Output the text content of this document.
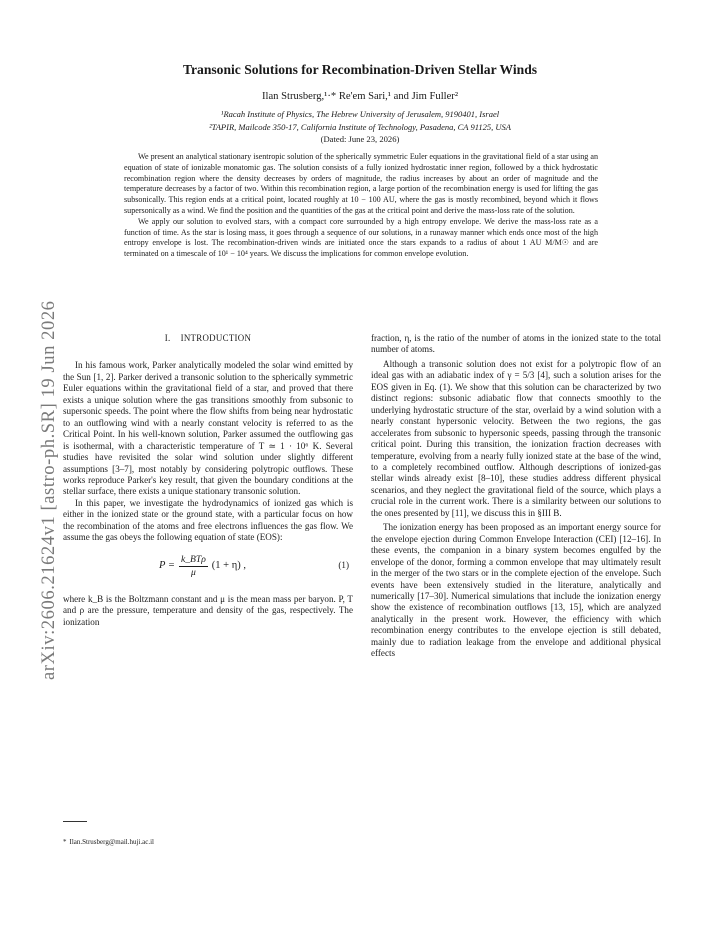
arXiv:2606.21624v1 [astro-ph.SR] 19 Jun 2026
Transonic Solutions for Recombination-Driven Stellar Winds
Ilan Strusberg,¹·* Re'em Sari,¹ and Jim Fuller²
¹Racah Institute of Physics, The Hebrew University of Jerusalem, 9190401, Israel
²TAPIR, Mailcode 350-17, California Institute of Technology, Pasadena, CA 91125, USA
(Dated: June 23, 2026)

We present an analytical stationary isentropic solution of the spherically symmetric Euler equations in the gravitational field of a star using an equation of state of ionizable monatomic gas. The solution consists of a fully ionized hydrostatic inner region, followed by a thick hydrostatic recombination region where the density decreases by orders of magnitude, the radius increases by about an order of magnitude and the temperature decreases by a factor of two. Within this recombination region, a large portion of the recombination energy is used for lifting the gas subsonically. This region ends at a critical point, located roughly at 10 − 100 AU, where the gas is mostly recombined, beyond which it flows supersonically as a wind. We find the position and the quantities of the gas at the critical point and derive the mass-loss rate of the solution.

We apply our solution to evolved stars, with a compact core surrounded by a high entropy envelope. We derive the mass-loss rate as a function of time. As the star is losing mass, it goes through a sequence of our solutions, in a runaway manner which ends once most of the high entropy envelope is lost. The recombination-driven winds are initiated once the stars expands to a radius of about 1 AU M/M☉ and are terminated on a timescale of 10¹ − 10⁴ years. We discuss the implications for common envelope evolution.

I. INTRODUCTION

In his famous work, Parker analytically modeled the solar wind emitted by the Sun [1, 2]. Parker derived a transonic solution to the spherically symmetric Euler equations within the gravitational field of a star, and proved that there exists a unique solution where the gas transitions smoothly from subsonic to supersonic speeds. The point where the flow shifts from being near hydrostatic to an outflowing wind with a nearly constant velocity is referred to as the Critical Point. In his well-known solution, Parker assumed the outflowing gas is isothermal, with a characteristic temperature of T ≃ 1 · 10⁶ K. Several studies have revisited the solar wind solution under slightly different assumptions [3–7], most notably by considering polytropic outflows. These works reproduce Parker's key result, that given the boundary conditions at the stellar surface, there exists a unique stationary transonic solution.

In this paper, we investigate the hydrodynamics of ionized gas which is either in the ionized state or the ground state, with a particular focus on how the recombination of the atoms and free electrons influences the gas flow. We assume the gas obeys the following equation of state (EOS):

$P = \frac{\text{k\_BTρ}}{\mu} (1 + \eta)$ ,	(1)

where k_B is the Boltzmann constant and μ is the mean mass per baryon. P, T and ρ are the pressure, temperature and density of the gas, respectively. The ionization

fraction, η, is the ratio of the number of atoms in the ionized state to the total number of atoms.

Although a transonic solution does not exist for a polytropic flow of an ideal gas with an adiabatic index of γ = 5/3 [4], such a solution arises for the EOS given in Eq. (1). We show that this solution can be characterized by two distinct regions: subsonic adiabatic flow that connects smoothly to the underlying hydrostatic structure of the star, overlaid by a wind solution with a nearly constant hypersonic velocity. Between the two regions, the gas accelerates from subsonic to hypersonic speeds, passing through the transonic critical point. During this transition, the ionization fraction decreases with temperature, evolving from a nearly fully ionized state at the base of the wind, to a completely recombined outflow. Although descriptions of ionized-gas stellar winds already exist [8–10], these studies address different physical scenarios, and they neglect the gravitational field of the source, which plays a crucial role in the current work. There is a similarity between our solutions to the ones presented by [11], we discuss this in §III B.

The ionization energy has been proposed as an important energy source for the envelope ejection during Common Envelope Interaction (CEI) [12–16]. In these events, the companion in a binary system becomes engulfed by the envelope of the donor, forming a common envelope that may ultimately result in the merger of the two stars or in the complete ejection of the envelope. Such events have been extensively studied in the literature, analytically and numerically [17–30]. Numerical simulations that include the ionization energy show the existence of recombination outflows [13, 15], which are analyzed analytically in the present work. However, the efficiency with which recombination energy contributes to the envelope ejection is still debated, mainly due to radiation leakage from the envelope and additional physical effects

* Ilan.Strusberg@mail.huji.ac.il
